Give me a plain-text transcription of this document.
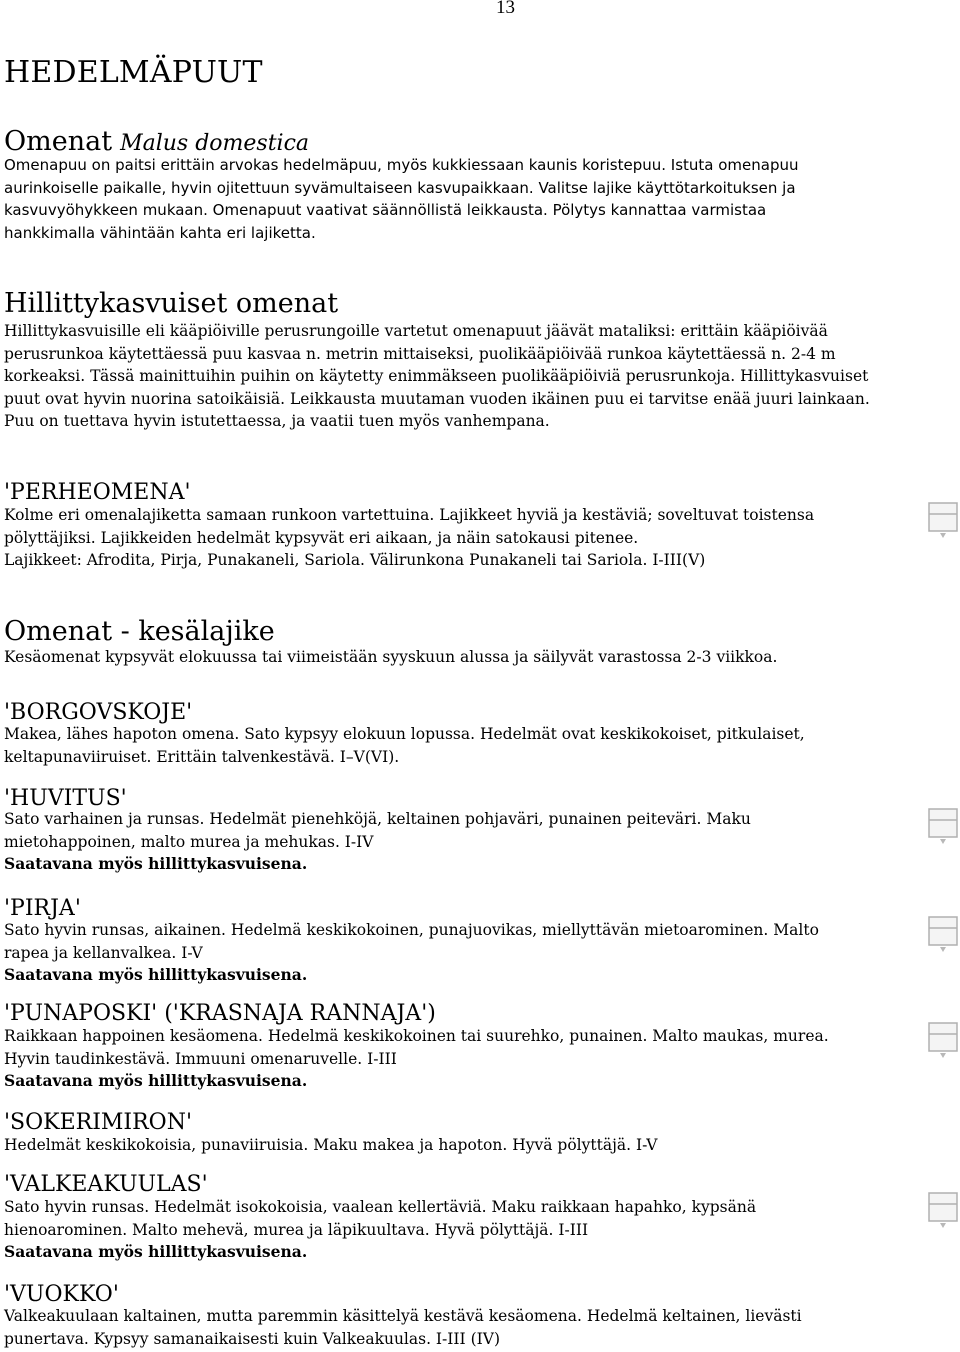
13
HEDELMÄPUUT
Omenat Malus domestica
Omenapuu on paitsi erittäin arvokas hedelmäpuu, myös kukkiessaan kaunis koristepuu. Istuta omenapuu
aurinkoiselle paikalle, hyvin ojitettuun syvämultaiseen kasvupaikkaan. Valitse lajike käyttötarkoituksen ja
kasvuvyöhykkeen mukaan. Omenapuut vaativat säännöllistä leikkausta. Pölytys kannattaa varmistaa
hankkimalla vähintään kahta eri lajiketta.
Hillittykasvuiset omenat
Hillittykasvuisille eli kääpiöiville perusrungoille vartetut omenapuut jäävät mataliksi: erittäin kääpiöivää
perusrunkoa käytettäessä puu kasvaa n. metrin mittaiseksi, puolikääpiöivää runkoa käytettäessä n. 2-4 m
korkeaksi. Tässä mainittuihin puihin on käytetty enimmäkseen puolikääpiöiviä perusrunkoja. Hillittykasvuiset
puut ovat hyvin nuorina satoikäisiä. Leikkausta muutaman vuoden ikäinen puu ei tarvitse enää juuri lainkaan.
Puu on tuettava hyvin istutettaessa, ja vaatii tuen myös vanhempana.
'PERHEOMENA'
Kolme eri omenalajiketta samaan runkoon vartettuina. Lajikkeet hyviä ja kestäviä; soveltuvat toistensa
pölyttäjiksi. Lajikkeiden hedelmät kypsyvät eri aikaan, ja näin satokausi pitenee.
Lajikkeet: Afrodita, Pirja, Punakaneli, Sariola. Välirunkona Punakaneli tai Sariola. I-III(V)
Omenat - kesälajike
Kesäomenat kypsyvät elokuussa tai viimeistään syyskuun alussa ja säilyvät varastossa 2-3 viikkoa.
'BORGOVSKOJE'
Makea, lähes hapoton omena. Sato kypsyy elokuun lopussa. Hedelmät ovat keskikokoiset, pitkulaiset,
keltapunaviiruiset. Erittäin talvenkestävä. I–V(VI).
'HUVITUS'
Sato varhainen ja runsas. Hedelmät pienehköjä, keltainen pohjaväri, punainen peiteväri. Maku
mietohappoinen, malto murea ja mehukas. I-IV
Saatavana myös hillittykasvuisena.
'PIRJA'
Sato hyvin runsas, aikainen. Hedelmä keskikokoinen, punajuovikas, miellyttävän mietoarominen. Malto
rapea ja kellanvalkea. I-V
Saatavana myös hillittykasvuisena.
'PUNAPOSKI' ('KRASNAJA RANNAJA')
Raikkaan happoinen kesäomena. Hedelmä keskikokoinen tai suurehko, punainen. Malto maukas, murea.
Hyvin taudinkestävä. Immuuni omenaruvelle. I-III
Saatavana myös hillittykasvuisena.
'SOKERIMIRON'
Hedelmät keskikokoisia, punaviiruisia. Maku makea ja hapoton. Hyvä pölyttäjä. I-V
'VALKEAKUULAS'
Sato hyvin runsas. Hedelmät isokokoisia, vaalean kellertäviä. Maku raikkaan hapahko, kypsänä
hienoarominen. Malto mehevä, murea ja läpikuultava. Hyvä pölyttäjä. I-III
Saatavana myös hillittykasvuisena.
'VUOKKO'
Valkeakuulaan kaltainen, mutta paremmin käsittelyä kestävä kesäomena. Hedelmä keltainen, lievästi
punertava. Kypsyy samanaikaisesti kuin Valkeakuulas. I-III (IV)
